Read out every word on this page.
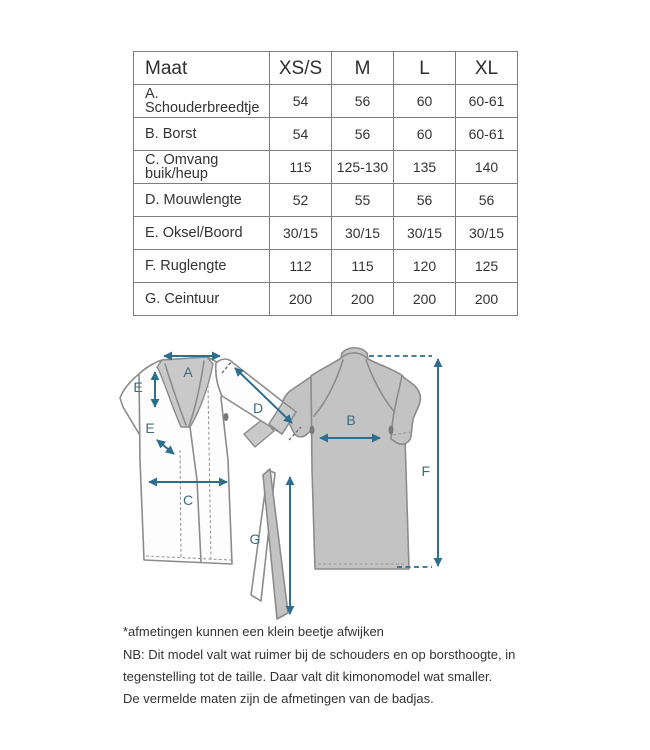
Maat	XS/S	M	L	XL
A. Schouderbreedtje	54	56	60	60-61
B. Borst	54	56	60	60-61
C. Omvang buik/heup	115	125-130	135	140
D. Mouwlengte	52	55	56	56
E. Oksel/Boord	30/15	30/15	30/15	30/15
F. Ruglengte	112	115	120	125
G. Ceintuur	200	200	200	200
A
E
E
D
C
B
F
G
*afmetingen kunnen een klein beetje afwijken
NB: Dit model valt wat ruimer bij de schouders en op borsthoogte, in
tegenstelling tot de taille. Daar valt dit kimonomodel wat smaller.
De vermelde maten zijn de afmetingen van de badjas.
